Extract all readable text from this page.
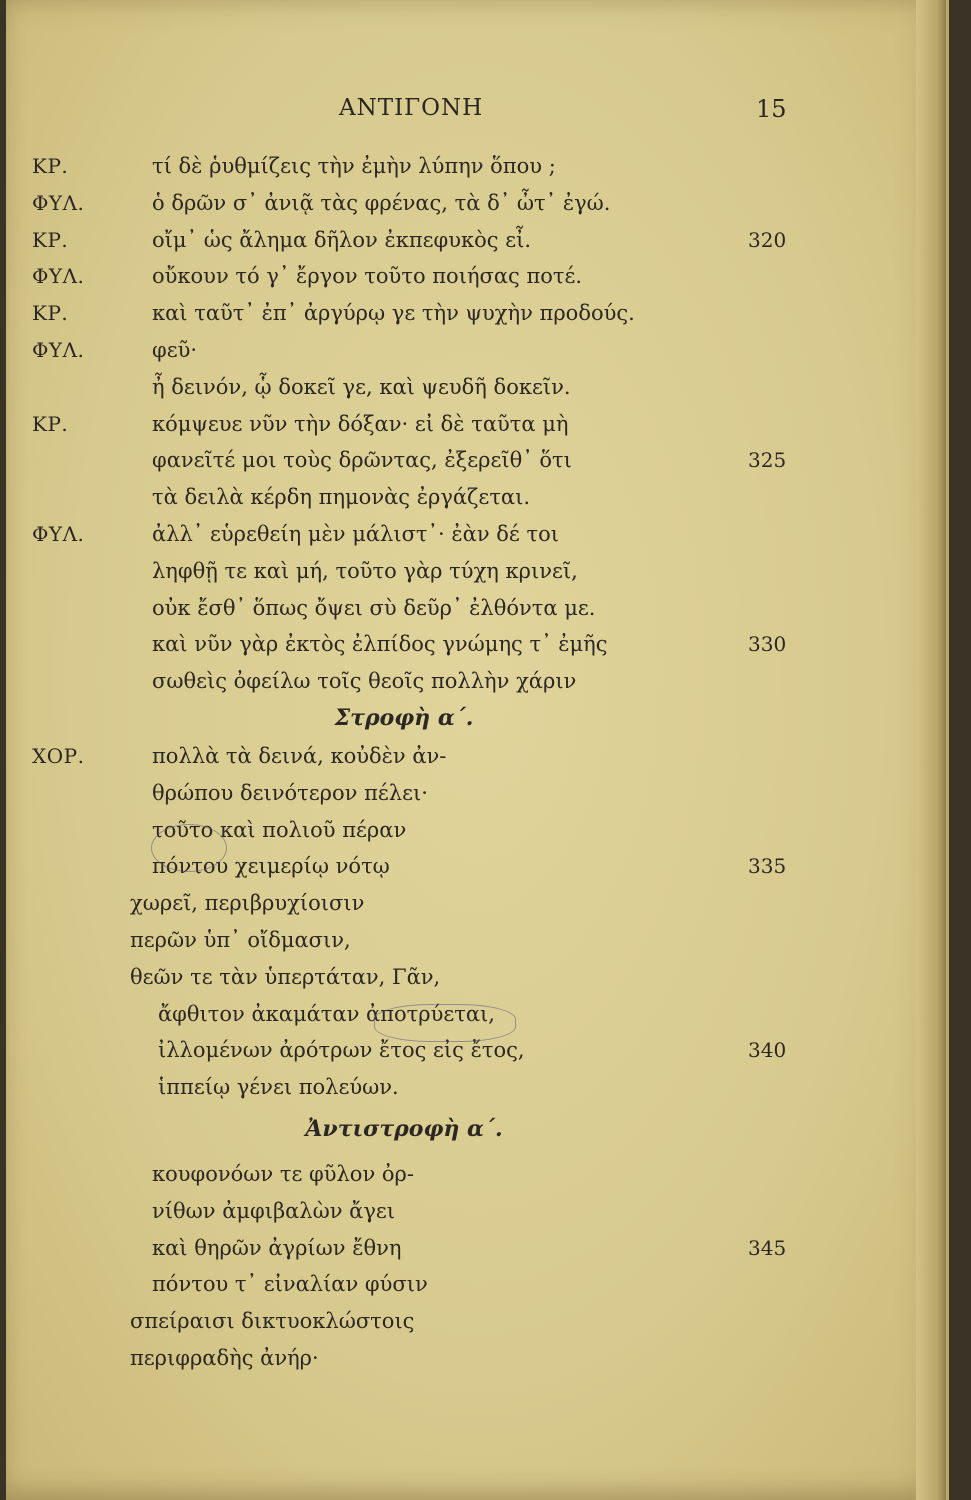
ΑΝΤΙΓΟΝΗ	15
ΚΡ.	τί δὲ ῥυθμίζεις τὴν ἐμὴν λύπην ὅπου ;
ΦΥΛ.	ὁ δρῶν σ᾽ ἀνιᾷ τὰς φρένας, τὰ δ᾽ ὦτ᾽ ἐγώ.
ΚΡ.	οἴμ᾽ ὡς ἄλημα δῆλον ἐκπεφυκὸς εἶ.	320
ΦΥΛ.	οὔκουν τό γ᾽ ἔργον τοῦτο ποιήσας ποτέ.
ΚΡ.	καὶ ταῦτ᾽ ἐπ᾽ ἀργύρῳ γε τὴν ψυχὴν προδούς.
ΦΥΛ.	φεῦ·
ἦ δεινόν, ᾧ δοκεῖ γε, καὶ ψευδῆ δοκεῖν.
ΚΡ.	κόμψευε νῦν τὴν δόξαν· εἰ δὲ ταῦτα μὴ
φανεῖτέ μοι τοὺς δρῶντας, ἐξερεῖθ᾽ ὅτι	325
τὰ δειλὰ κέρδη πημονὰς ἐργάζεται.
ΦΥΛ.	ἀλλ᾽ εὑρεθείη μὲν μάλιστ᾽· ἐὰν δέ τοι
ληφθῇ τε καὶ μή, τοῦτο γὰρ τύχη κρινεῖ,
οὐκ ἔσθ᾽ ὅπως ὄψει σὺ δεῦρ᾽ ἐλθόντα με.
καὶ νῦν γὰρ ἐκτὸς ἐλπίδος γνώμης τ᾽ ἐμῆς	330
σωθεὶς ὀφείλω τοῖς θεοῖς πολλὴν χάριν
Στροφὴ α΄.
ΧΟΡ.	πολλὰ τὰ δεινά, κοὐδὲν ἀν-
θρώπου δεινότερον πέλει·
τοῦτο καὶ πολιοῦ πέραν
πόντου χειμερίῳ νότῳ	335
χωρεῖ, περιβρυχίοισιν
περῶν ὑπ᾽ οἴδμασιν,
θεῶν τε τὰν ὑπερτάταν, Γᾶν,
ἄφθιτον ἀκαμάταν ἀποτρύεται,
ἰλλομένων ἀρότρων ἔτος εἰς ἔτος,	340
ἱππείῳ γένει πολεύων.
Ἀντιστροφὴ α΄.
κουφονόων τε φῦλον ὀρ-
νίθων ἀμφιβαλὼν ἄγει
καὶ θηρῶν ἀγρίων ἔθνη	345
πόντου τ᾽ εἰναλίαν φύσιν
σπείραισι δικτυοκλώστοις
περιφραδὴς ἀνήρ·
